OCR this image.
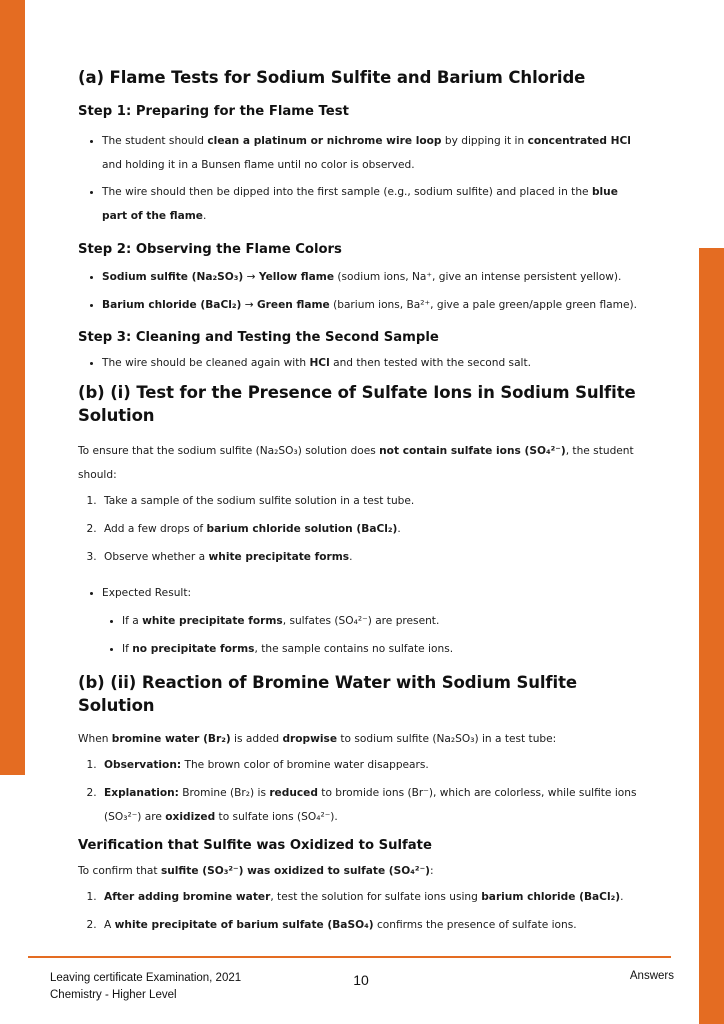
(a) Flame Tests for Sodium Sulfite and Barium Chloride
Step 1: Preparing for the Flame Test
• The student should clean a platinum or nichrome wire loop by dipping it in concentrated HCl and holding it in a Bunsen flame until no color is observed.
• The wire should then be dipped into the first sample (e.g., sodium sulfite) and placed in the blue part of the flame.
Step 2: Observing the Flame Colors
• Sodium sulfite (Na₂SO₃) → Yellow flame (sodium ions, Na⁺, give an intense persistent yellow).
• Barium chloride (BaCl₂) → Green flame (barium ions, Ba²⁺, give a pale green/apple green flame).
Step 3: Cleaning and Testing the Second Sample
• The wire should be cleaned again with HCl and then tested with the second salt.
(b) (i) Test for the Presence of Sulfate Ions in Sodium Sulfite Solution

To ensure that the sodium sulfite (Na₂SO₃) solution does not contain sulfate ions (SO₄²⁻), the student should:

1. Take a sample of the sodium sulfite solution in a test tube.
2. Add a few drops of barium chloride solution (BaCl₂).
3. Observe whether a white precipitate forms.
• Expected Result:
• If a white precipitate forms, sulfates (SO₄²⁻) are present.
• If no precipitate forms, the sample contains no sulfate ions.
(b) (ii) Reaction of Bromine Water with Sodium Sulfite Solution

When bromine water (Br₂) is added dropwise to sodium sulfite (Na₂SO₃) in a test tube:

1. Observation: The brown color of bromine water disappears.
2. Explanation: Bromine (Br₂) is reduced to bromide ions (Br⁻), which are colorless, while sulfite ions (SO₃²⁻) are oxidized to sulfate ions (SO₄²⁻).
Verification that Sulfite was Oxidized to Sulfate

To confirm that sulfite (SO₃²⁻) was oxidized to sulfate (SO₄²⁻):

1. After adding bromine water, test the solution for sulfate ions using barium chloride (BaCl₂).
2. A white precipitate of barium sulfate (BaSO₄) confirms the presence of sulfate ions.
Leaving certificate Examination, 2021
Chemistry - Higher Level
10	Answers
